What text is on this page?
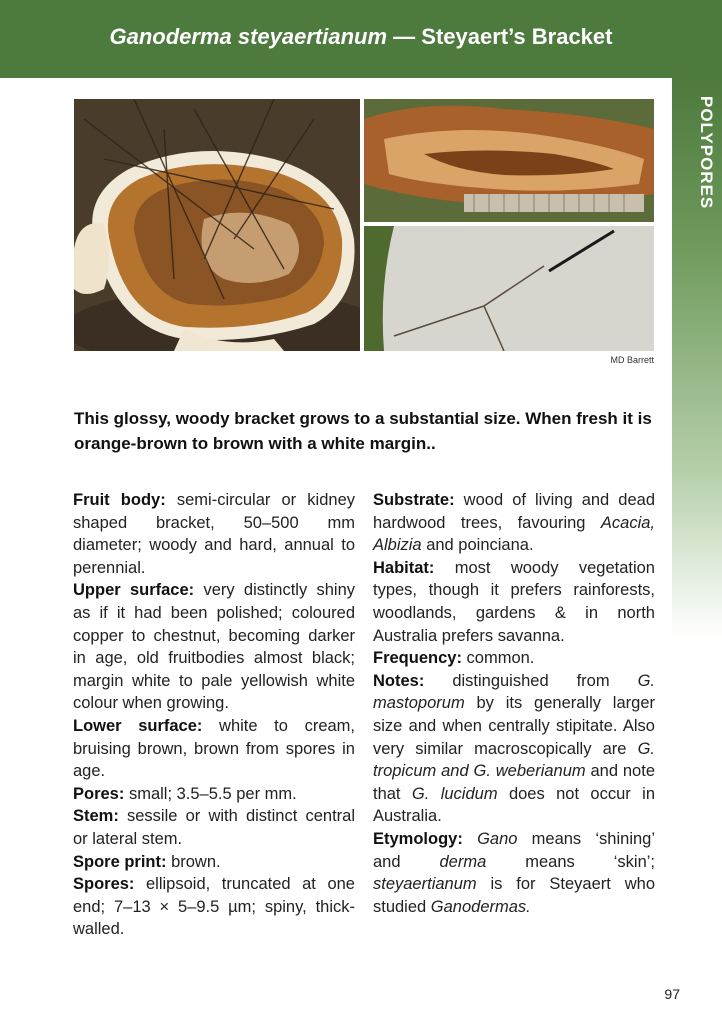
Ganoderma steyaertianum — Steyaert’s Bracket
POLYPORES
MD Barrett
This glossy, woody bracket grows to a substantial size. When fresh it is orange-brown to brown with a white margin..

Fruit body: semi-circular or kidney shaped bracket, 50–500 mm diameter; woody and hard, annual to perennial.

Upper surface: very distinctly shiny as if it had been polished; coloured copper to chestnut, becoming darker in age, old fruitbodies almost black; margin white to pale yellowish white colour when growing.

Lower surface: white to cream, bruising brown, brown from spores in age.

Pores: small; 3.5–5.5 per mm.

Stem: sessile or with distinct central or lateral stem.

Spore print: brown.

Spores: ellipsoid, truncated at one end; 7–13 × 5–9.5 µm; spiny, thick-walled.

Substrate: wood of living and dead hardwood trees, favouring Acacia, Albizia and poinciana.

Habitat: most woody vegetation types, though it prefers rainforests, woodlands, gardens & in north Australia prefers savanna.

Frequency: common.

Notes: distinguished from G. mastoporum by its generally larger size and when centrally stipitate. Also very similar macroscopically are G. tropicum and G. weberianum and note that G. lucidum does not occur in Australia.

Etymology: Gano means ‘shining’ and derma means ‘skin’; steyaertianum is for Steyaert who studied Ganodermas.

97
